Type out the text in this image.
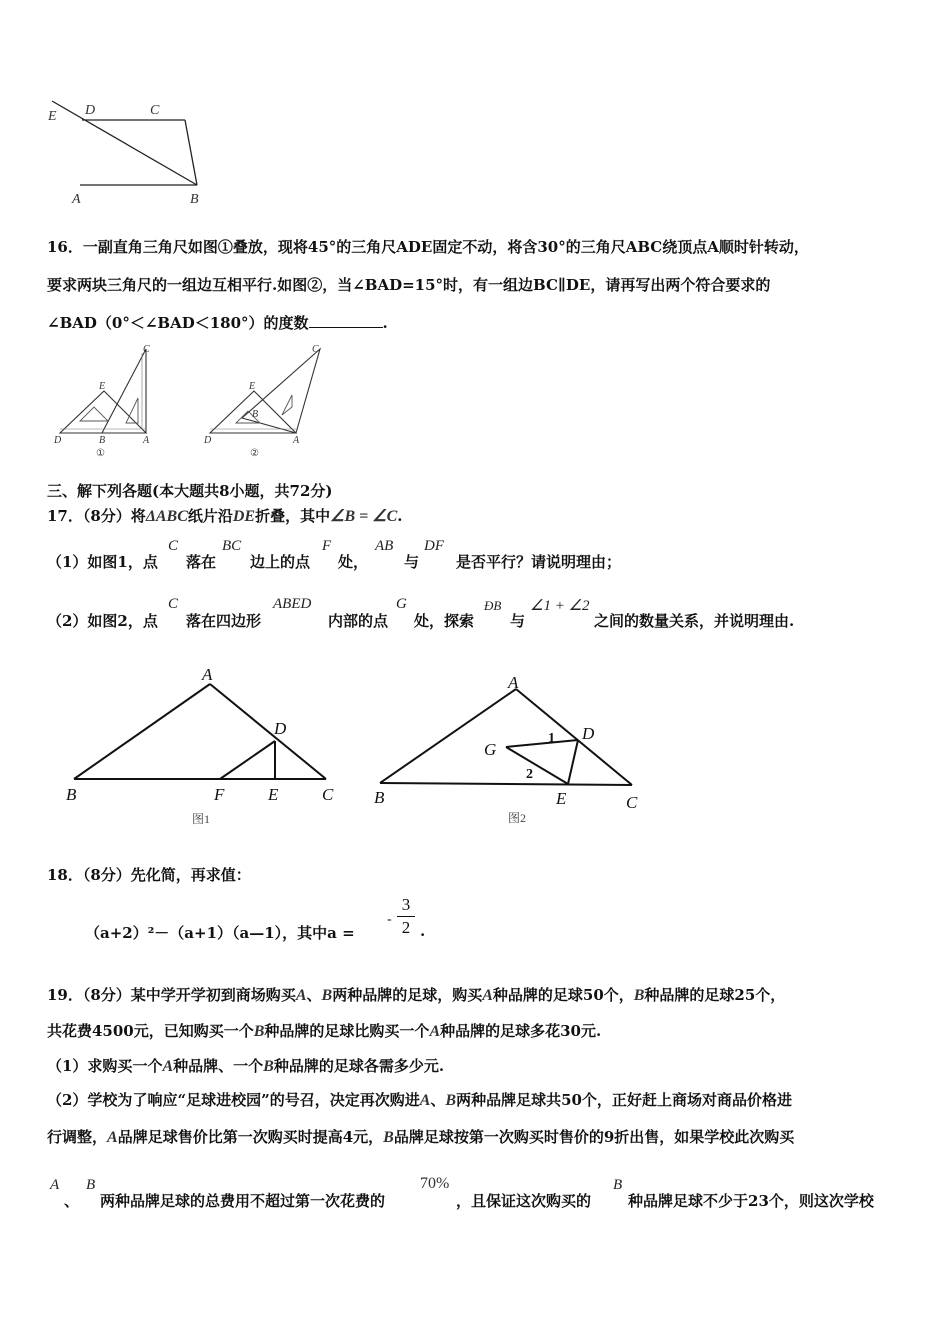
E D	C
A	B
16．一副直角三角尺如图①叠放，现将45°的三角尺ADE固定不动，将含30°的三角尺ABC绕顶点A顺时针转动，
要求两块三角尺的一组边互相平行.如图②，当∠BAD=15°时，有一组边BC∥DE，请再写出两个符合要求的
∠BAD（0°＜∠BAD＜180°）的度数	.
C
E
D	B	A
①
C
E
D
B
A
②
三、解下列各题(本大题共8小题，共72分)
17．（8分）将ΔABC纸片沿DE折叠，其中∠B = ∠C.
（1）如图1，点
C
落在
BC
边上的点
F
处，
AB
与
DF
是否平行？请说明理由；
（2）如图2，点
C
落在四边形
ABED
内部的点
G
处，探索
ÐB
与
∠1 + ∠2
之间的数量关系，并说明理由.
A
D
B	F	E	C
图1
A
D
G
1
2
B	E	C
图2
18．（8分）先化简，再求值：
（a+2）²－（a+1）（a—1），其中a =
-
3
2 .
19．（8分）某中学开学初到商场购买A、B两种品牌的足球，购买A种品牌的足球50个，B种品牌的足球25个，
共花费4500元，已知购买一个B种品牌的足球比购买一个A种品牌的足球多花30元.
（1）求购买一个A种品牌、一个B种品牌的足球各需多少元.
（2）学校为了响应“足球进校园”的号召，决定再次购进A、B两种品牌足球共50个，正好赶上商场对商品价格进
行调整，A品牌足球售价比第一次购买时提高4元，B品牌足球按第一次购买时售价的9折出售，如果学校此次购买
A
、
B
两种品牌足球的总费用不超过第一次花费的
70%
，且保证这次购买的
B
种品牌足球不少于23个，则这次学校
